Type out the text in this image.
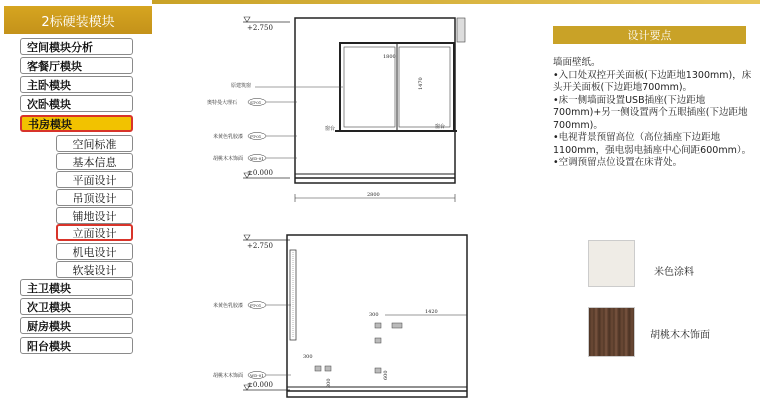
2标硬装模块
空间模块分析
客餐厅模块
主卧模块
次卧模块
书房模块
空间标准
基本信息
平面设计
吊顶设计
铺地设计
立面设计
机电设计
软装设计
主卫模块
次卫模块
厨房模块
阳台模块
+2.750
±0.000
1800
1470
窗台	窗台
原建筑窗
奥特曼大理石	ST-01
米黄色乳胶漆 PT-01
胡桃木木饰面 WD-01
2800
+2.750
±0.000
1420
300
300
300
600
米黄色乳胶漆 PT-01
胡桃木木饰面 WD-01
设计要点

墙面壁纸。

•入口处双控开关面板(下边距地1300mm)，床头开关面板(下边距地700mm)。

•床一侧墙面设置USB插座(下边距地700mm)+另一侧设置两个五眼插座(下边距地700mm)。

•电视背景预留高位（高位插座下边距地1100mm，强电弱电插座中心间距600mm）。

•空调预留点位设置在床背处。

米色涂料
胡桃木木饰面
